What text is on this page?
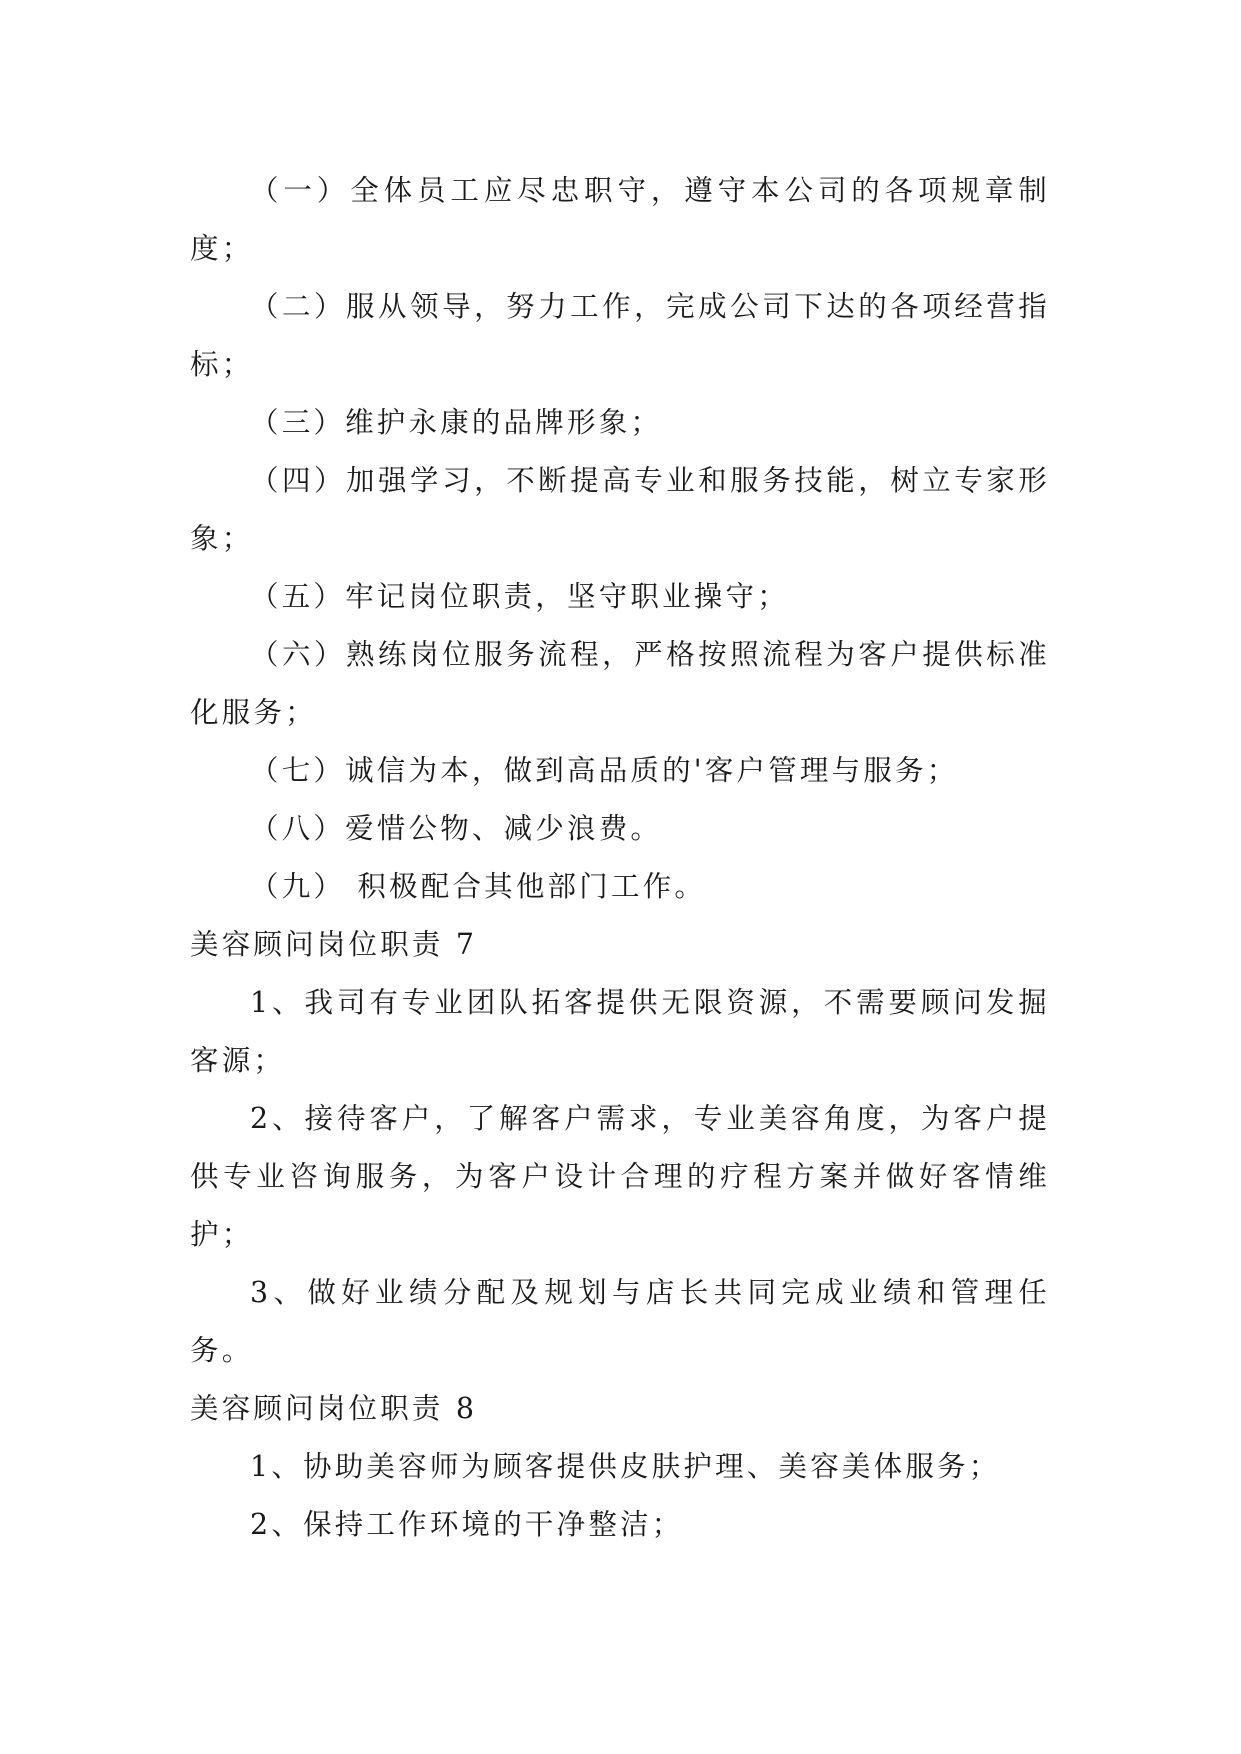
（一）全体员工应尽忠职守，遵守本公司的各项规章制度；

（二）服从领导，努力工作，完成公司下达的各项经营指标；

（三）维护永康的品牌形象；

（四）加强学习，不断提高专业和服务技能，树立专家形象；

（五）牢记岗位职责，坚守职业操守；

（六）熟练岗位服务流程，严格按照流程为客户提供标准化服务；

（七）诚信为本，做到高品质的'客户管理与服务；

（八）爱惜公物、减少浪费。

（九） 积极配合其他部门工作。

美容顾问岗位职责 7

1、我司有专业团队拓客提供无限资源，不需要顾问发掘客源；

2、接待客户，了解客户需求，专业美容角度，为客户提供专业咨询服务，为客户设计合理的疗程方案并做好客情维护；

3、做好业绩分配及规划与店长共同完成业绩和管理任务。

美容顾问岗位职责 8

1、协助美容师为顾客提供皮肤护理、美容美体服务；

2、保持工作环境的干净整洁；
